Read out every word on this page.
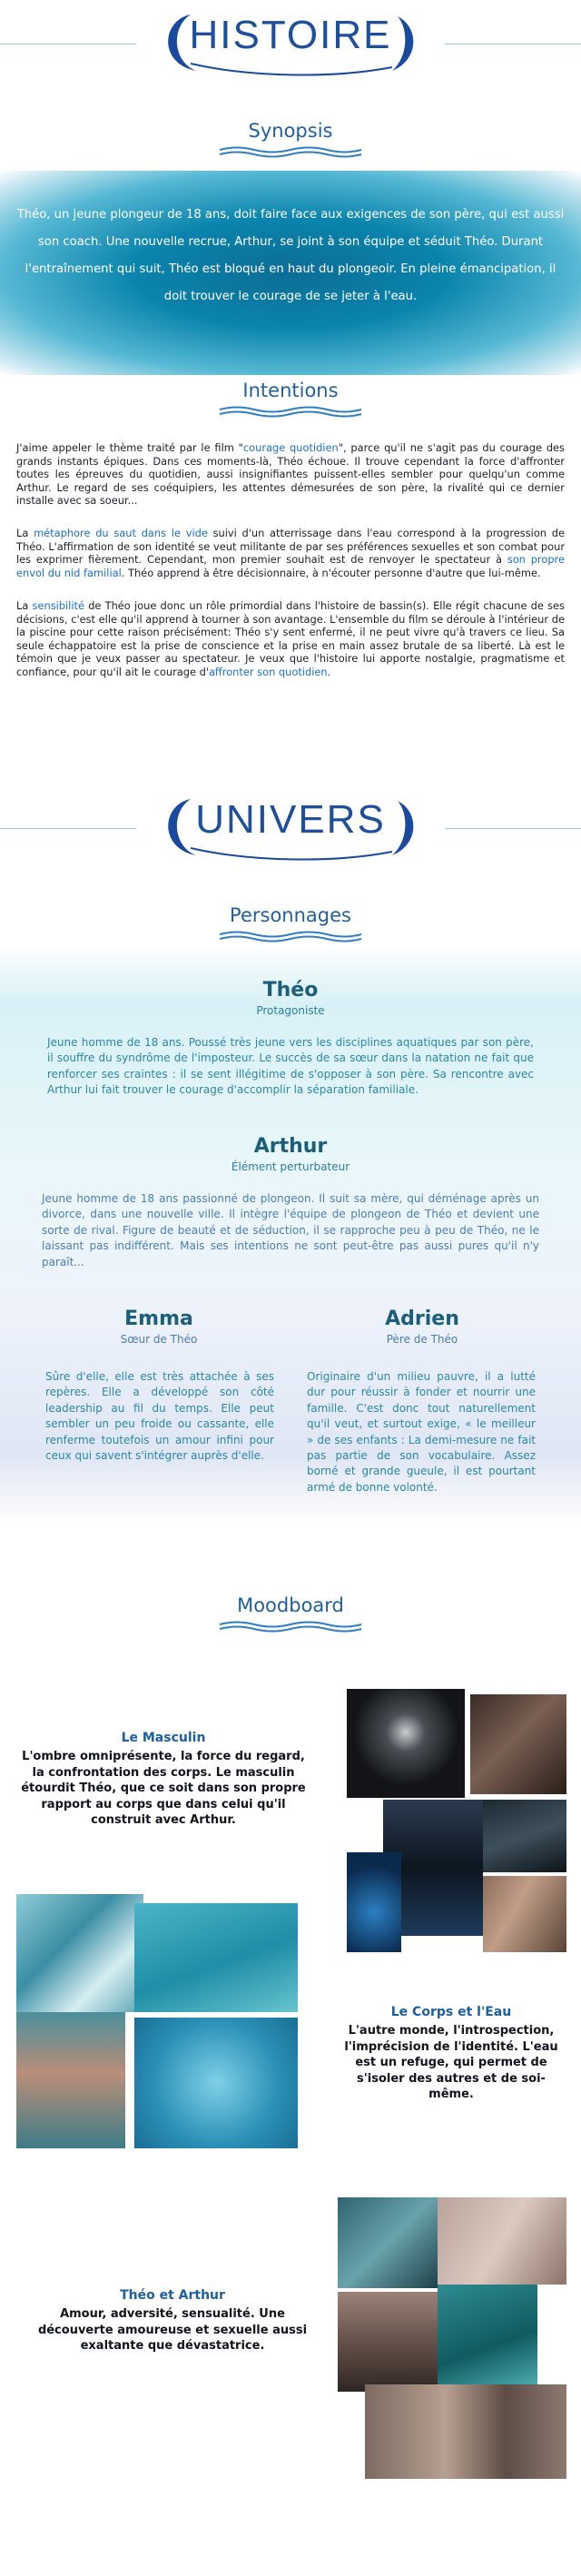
HISTOIRE
Synopsis
Théo, un jeune plongeur de 18 ans, doit faire face aux exigences de son père, qui est aussi son coach. Une nouvelle recrue, Arthur, se joint à son équipe et séduit Théo. Durant l'entraînement qui suit, Théo est bloqué en haut du plongeoir. En pleine émancipation, il doit trouver le courage de se jeter à l'eau.
Intentions
J'aime appeler le thème traité par le film "courage quotidien", parce qu'il ne s'agit pas du courage des grands instants épiques. Dans ces moments-là, Théo échoue. Il trouve cependant la force d'affronter toutes les épreuves du quotidien, aussi insignifiantes puissent-elles sembler pour quelqu'un comme Arthur. Le regard de ses coéquipiers, les attentes démesurées de son père, la rivalité qui ce dernier installe avec sa soeur...
La métaphore du saut dans le vide suivi d'un atterrissage dans l'eau correspond à la progression de Théo. L'affirmation de son identité se veut militante de par ses préférences sexuelles et son combat pour les exprimer fièrement. Cependant, mon premier souhait est de renvoyer le spectateur à son propre envol du nid familial. Théo apprend à être décisionnaire, à n'écouter personne d'autre que lui-même.
La sensibilité de Théo joue donc un rôle primordial dans l'histoire de bassin(s). Elle régit chacune de ses décisions, c'est elle qu'il apprend à tourner à son avantage. L'ensemble du film se déroule à l'intérieur de la piscine pour cette raison précisément: Théo s'y sent enfermé, il ne peut vivre qu'à travers ce lieu. Sa seule échappatoire est la prise de conscience et la prise en main assez brutale de sa liberté. Là est le témoin que je veux passer au spectateur. Je veux que l'histoire lui apporte nostalgie, pragmatisme et confiance, pour qu'il ait le courage d'affronter son quotidien.
UNIVERS
Personnages
Théo
Protagoniste
Jeune homme de 18 ans. Poussé très jeune vers les disciplines aquatiques par son père, il souffre du syndrôme de l'imposteur. Le succès de sa sœur dans la natation ne fait que renforcer ses craintes : il se sent illégitime de s'opposer à son père. Sa rencontre avec Arthur lui fait trouver le courage d'accomplir la séparation familiale.
Arthur
Élément perturbateur
Jeune homme de 18 ans passionné de plongeon. Il suit sa mère, qui déménage après un divorce, dans une nouvelle ville. Il intègre l'équipe de plongeon de Théo et devient une sorte de rival. Figure de beauté et de séduction, il se rapproche peu à peu de Théo, ne le laissant pas indifférent. Mais ses intentions ne sont peut-être pas aussi pures qu'il n'y paraît...
Emma
Sœur de Théo
Sûre d'elle, elle est très attachée à ses repères. Elle a développé son côté leadership au fil du temps. Elle peut sembler un peu froide ou cassante, elle renferme toutefois un amour infini pour ceux qui savent s'intégrer auprès d'elle.
Adrien
Père de Théo
Originaire d'un milieu pauvre, il a lutté dur pour réussir à fonder et nourrir une famille. C'est donc tout naturellement qu'il veut, et surtout exige, « le meilleur » de ses enfants : La demi-mesure ne fait pas partie de son vocabulaire. Assez borné et grande gueule, il est pourtant armé de bonne volonté.
Moodboard
Le Masculin
L'ombre omniprésente, la force du regard, la confrontation des corps. Le masculin étourdit Théo, que ce soit dans son propre rapport au corps que dans celui qu'il construit avec Arthur.
Le Corps et l'Eau
L'autre monde, l'introspection, l'imprécision de l'identité. L'eau est un refuge, qui permet de s'isoler des autres et de soi-même.
Théo et Arthur
Amour, adversité, sensualité. Une découverte amoureuse et sexuelle aussi exaltante que dévastatrice.
